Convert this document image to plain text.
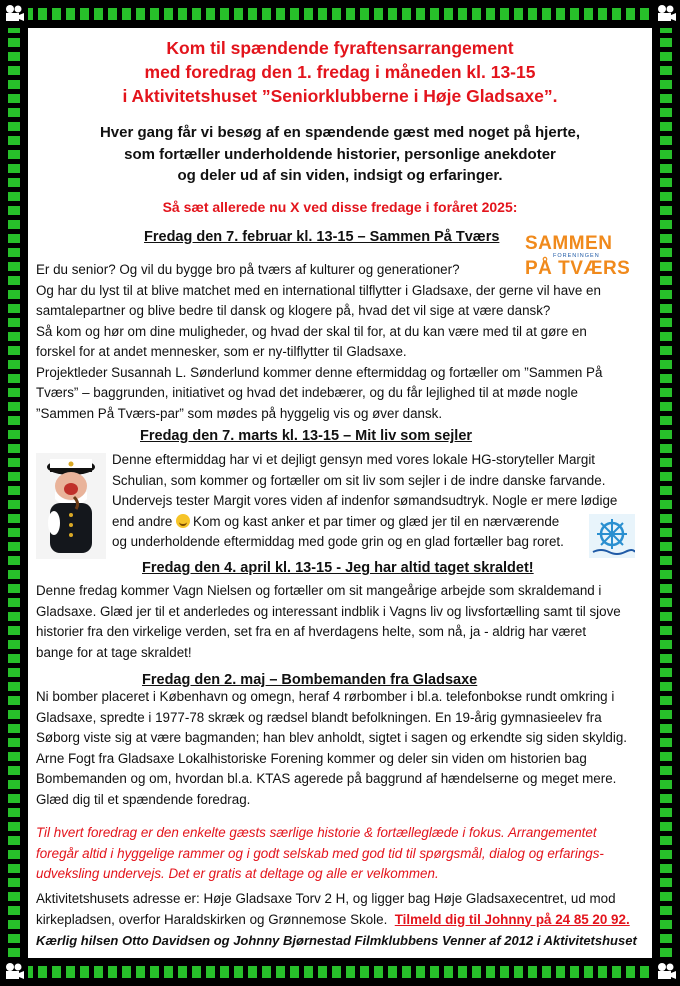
Kom til spændende fyraftensarrangement
med foredrag den 1. fredag i måneden kl. 13-15
i Aktivitetshuset ”Seniorklubberne i Høje Gladsaxe”.
Hver gang får vi besøg af en spændende gæst med noget på hjerte,
som fortæller underholdende historier, personlige anekdoter
og deler ud af sin viden, indsigt og erfaringer.
Så sæt allerede nu X ved disse fredage i foråret 2025:
Fredag den 7. februar kl. 13-15 – Sammen På Tværs SAMMEN
FORENINGEN
PÅ TVÆRS
Er du senior? Og vil du bygge bro på tværs af kulturer og generationer?
Og har du lyst til at blive matchet med en international tilflytter i Gladsaxe, der gerne vil have en
samtalepartner og blive bedre til dansk og klogere på, hvad det vil sige at være dansk?
Så kom og hør om dine muligheder, og hvad der skal til for, at du kan være med til at gøre en
forskel for at andet mennesker, som er ny-tilflytter til Gladsaxe.
Projektleder Susannah L. Sønderlund kommer denne eftermiddag og fortæller om ”Sammen På
Tværs” – baggrunden, initiativet og hvad det indebærer, og du får lejlighed til at møde nogle
”Sammen På Tværs-par” som mødes på hyggelig vis og øver dansk.
Fredag den 7. marts kl. 13-15 – Mit liv som sejler
Denne eftermiddag har vi et dejligt gensyn med vores lokale HG-storyteller Margit
Schulian, som kommer og fortæller om sit liv som sejler i de indre danske farvande.
Undervejs tester Margit vores viden af indenfor sømandsudtryk. Nogle er mere lødige
end andre Kom og kast anker et par timer og glæd jer til en nærværende
og underholdende eftermiddag med gode grin og en glad fortæller bag roret.
Fredag den 4. april kl. 13-15 - Jeg har altid taget skraldet!
Denne fredag kommer Vagn Nielsen og fortæller om sit mangeårige arbejde som skraldemand i
Gladsaxe. Glæd jer til et anderledes og interessant indblik i Vagns liv og livsfortælling samt til sjove
historier fra den virkelige verden, set fra en af hverdagens helte, som nå, ja - aldrig har været
bange for at tage skraldet!
Fredag den 2. maj – Bombemanden fra Gladsaxe
Ni bomber placeret i København og omegn, heraf 4 rørbomber i bl.a. telefonbokse rundt omkring i
Gladsaxe, spredte i 1977-78 skræk og rædsel blandt befolkningen. En 19-årig gymnasieelev fra
Søborg viste sig at være bagmanden; han blev anholdt, sigtet i sagen og erkendte sig siden skyldig.
Arne Fogt fra Gladsaxe Lokalhistoriske Forening kommer og deler sin viden om historien bag
Bombemanden og om, hvordan bl.a. KTAS agerede på baggrund af hændelserne og meget mere.
Glæd dig til et spændende foredrag.
Til hvert foredrag er den enkelte gæsts særlige historie & fortælleglæde i fokus. Arrangementet
foregår altid i hyggelige rammer og i godt selskab med god tid til spørgsmål, dialog og erfarings-
udveksling undervejs. Det er gratis at deltage og alle er velkommen.
Aktivitetshusets adresse er: Høje Gladsaxe Torv 2 H, og ligger bag Høje Gladsaxecentret, ud mod
kirkepladsen, overfor Haraldskirken og Grønnemose Skole. Tilmeld dig til Johnny på 24 85 20 92.
Kærlig hilsen Otto Davidsen og Johnny Bjørnestad Filmklubbens Venner af 2012 i Aktivitetshuset
